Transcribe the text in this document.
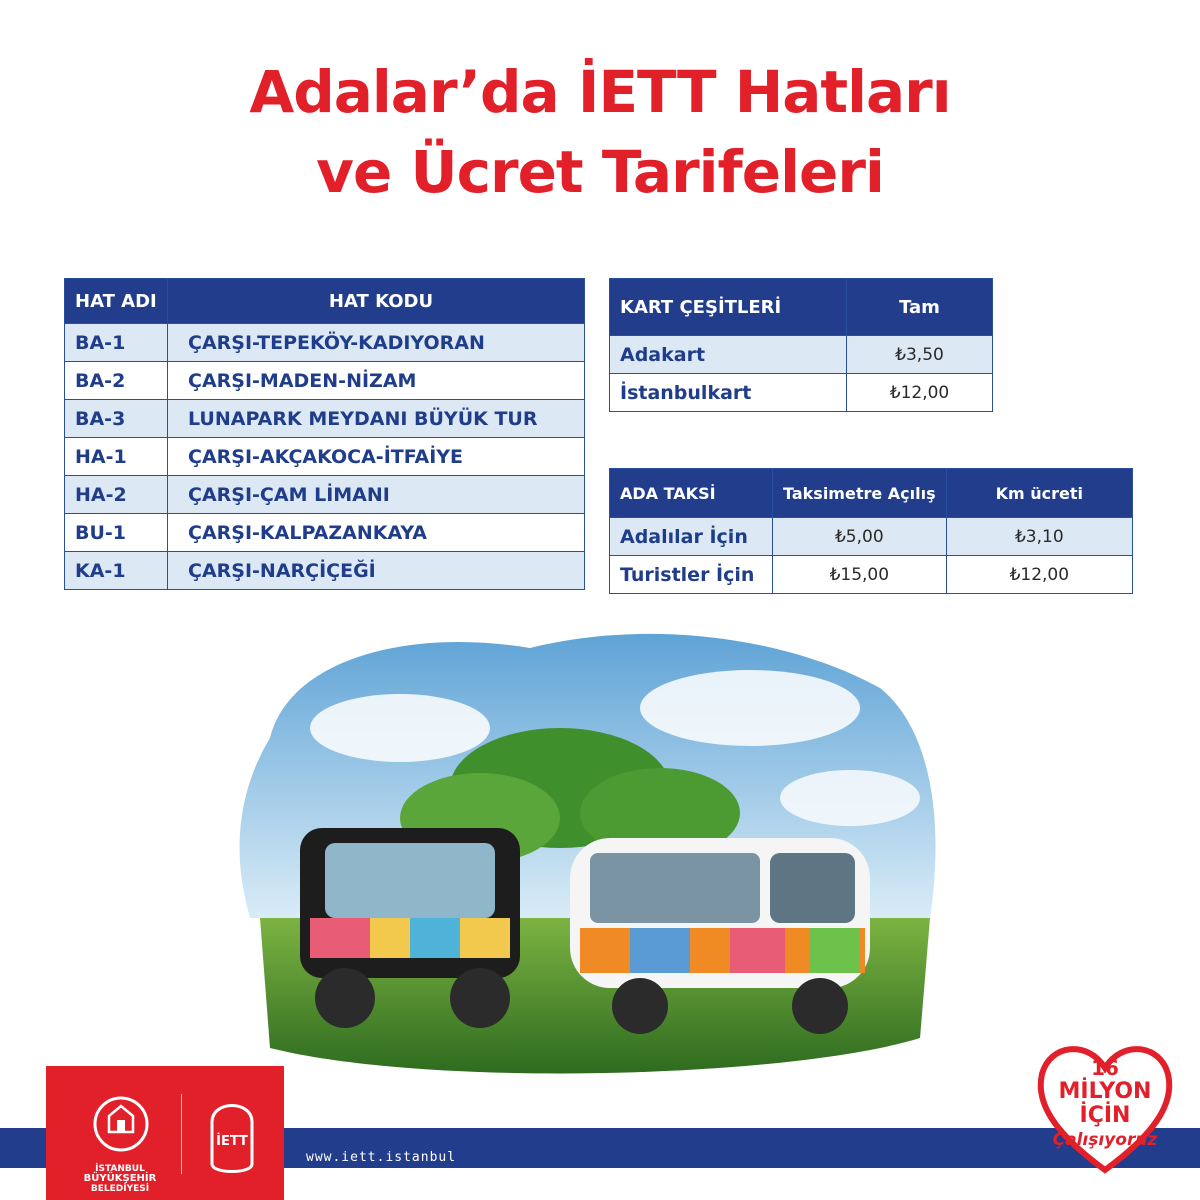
Adalar’da İETT Hatları
ve Ücret Tarifeleri
HAT ADI	HAT KODU
BA-1	ÇARŞI-TEPEKÖY-KADIYORAN
BA-2	ÇARŞI-MADEN-NİZAM
BA-3	LUNAPARK MEYDANI BÜYÜK TUR
HA-1	ÇARŞI-AKÇAKOCA-İTFAİYE
HA-2	ÇARŞI-ÇAM LİMANI
BU-1	ÇARŞI-KALPAZANKAYA
KA-1	ÇARŞI-NARÇİÇEĞİ
KART ÇEŞİTLERİ	Tam
Adakart	₺3,50
İstanbulkart	₺12,00
ADA TAKSİ	Taksimetre Açılış	Km ücreti
Adalılar İçin	₺5,00	₺3,10
Turistler İçin	₺15,00	₺12,00
www.iett.istanbul
İSTANBUL
BÜYÜKŞEHİR
BELEDİYESİ
İETT
16
MİLYON
İÇİN
Çalışıyoruz
